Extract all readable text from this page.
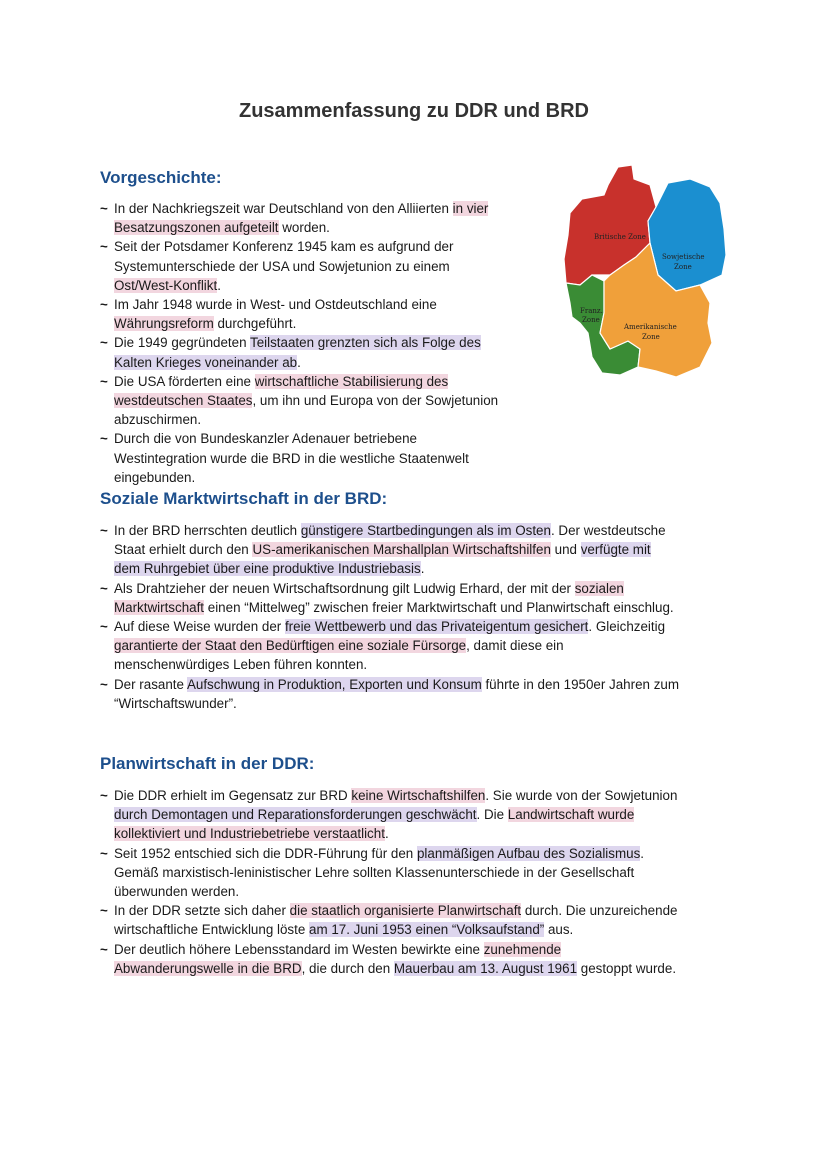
Zusammenfassung zu DDR und BRD
Vorgeschichte:
~ In der Nachkriegszeit war Deutschland von den Alliierten in vier Besatzungszonen aufgeteilt worden.
~ Seit der Potsdamer Konferenz 1945 kam es aufgrund der Systemunterschiede der USA und Sowjetunion zu einem Ost/West-Konflikt.
~ Im Jahr 1948 wurde in West- und Ostdeutschland eine Währungsreform durchgeführt.
~ Die 1949 gegründeten Teilstaaten grenzten sich als Folge des Kalten Krieges voneinander ab.
~ Die USA förderten eine wirtschaftliche Stabilisierung des westdeutschen Staates, um ihn und Europa von der Sowjetunion abzuschirmen.
~ Durch die von Bundeskanzler Adenauer betriebene Westintegration wurde die BRD in die westliche Staatenwelt eingebunden.
Britische Zone
Sowjetische
Zone
Franz.
Zone
Amerikanische
Zone
Soziale Marktwirtschaft in der BRD:
~ In der BRD herrschten deutlich günstigere Startbedingungen als im Osten. Der westdeutsche Staat erhielt durch den US-amerikanischen Marshallplan Wirtschaftshilfen und verfügte mit dem Ruhrgebiet über eine produktive Industriebasis.
~ Als Drahtzieher der neuen Wirtschaftsordnung gilt Ludwig Erhard, der mit der sozialen Marktwirtschaft einen “Mittelweg” zwischen freier Marktwirtschaft und Planwirtschaft einschlug.
~ Auf diese Weise wurden der freie Wettbewerb und das Privateigentum gesichert. Gleichzeitig garantierte der Staat den Bedürftigen eine soziale Fürsorge, damit diese ein menschenwürdiges Leben führen konnten.
~ Der rasante Aufschwung in Produktion, Exporten und Konsum führte in den 1950er Jahren zum “Wirtschaftswunder”.
Planwirtschaft in der DDR:
~ Die DDR erhielt im Gegensatz zur BRD keine Wirtschaftshilfen. Sie wurde von der Sowjetunion durch Demontagen und Reparationsforderungen geschwächt. Die Landwirtschaft wurde kollektiviert und Industriebetriebe verstaatlicht.
~ Seit 1952 entschied sich die DDR-Führung für den planmäßigen Aufbau des Sozialismus. Gemäß marxistisch-leninistischer Lehre sollten Klassenunterschiede in der Gesellschaft überwunden werden.
~ In der DDR setzte sich daher die staatlich organisierte Planwirtschaft durch. Die unzureichende wirtschaftliche Entwicklung löste am 17. Juni 1953 einen “Volksaufstand” aus.
~ Der deutlich höhere Lebensstandard im Westen bewirkte eine zunehmende Abwanderungswelle in die BRD, die durch den Mauerbau am 13. August 1961 gestoppt wurde.
